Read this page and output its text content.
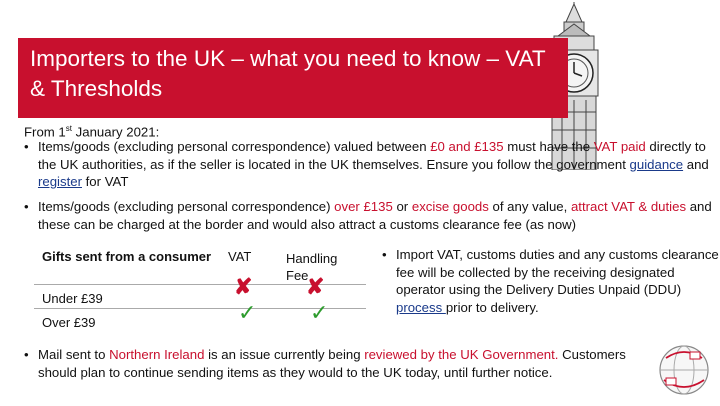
Importers to the UK – what you need to know – VAT & Thresholds

From 1st January 2021:

• Items/goods (excluding personal correspondence) valued between £0 and £135 must have the VAT paid directly to the UK authorities, as if the seller is located in the UK themselves. Ensure you follow the government guidance and register for VAT

• Items/goods (excluding personal correspondence) over £135 or excise goods of any value, attract VAT & duties and these can be charged at the border and would also attract a customs clearance fee (as now)

• Mail sent to Northern Ireland is an issue currently being reviewed by the UK Government. Customers should plan to continue sending items as they would to the UK today, until further notice.

Gifts sent from a consumer VAT	Handling Fee
Under £39	✘ ✘
Over £39	✓ ✓

• Import VAT, customs duties and any customs clearance fee will be collected by the receiving designated operator using the Delivery Duties Unpaid (DDU) process prior to delivery.
